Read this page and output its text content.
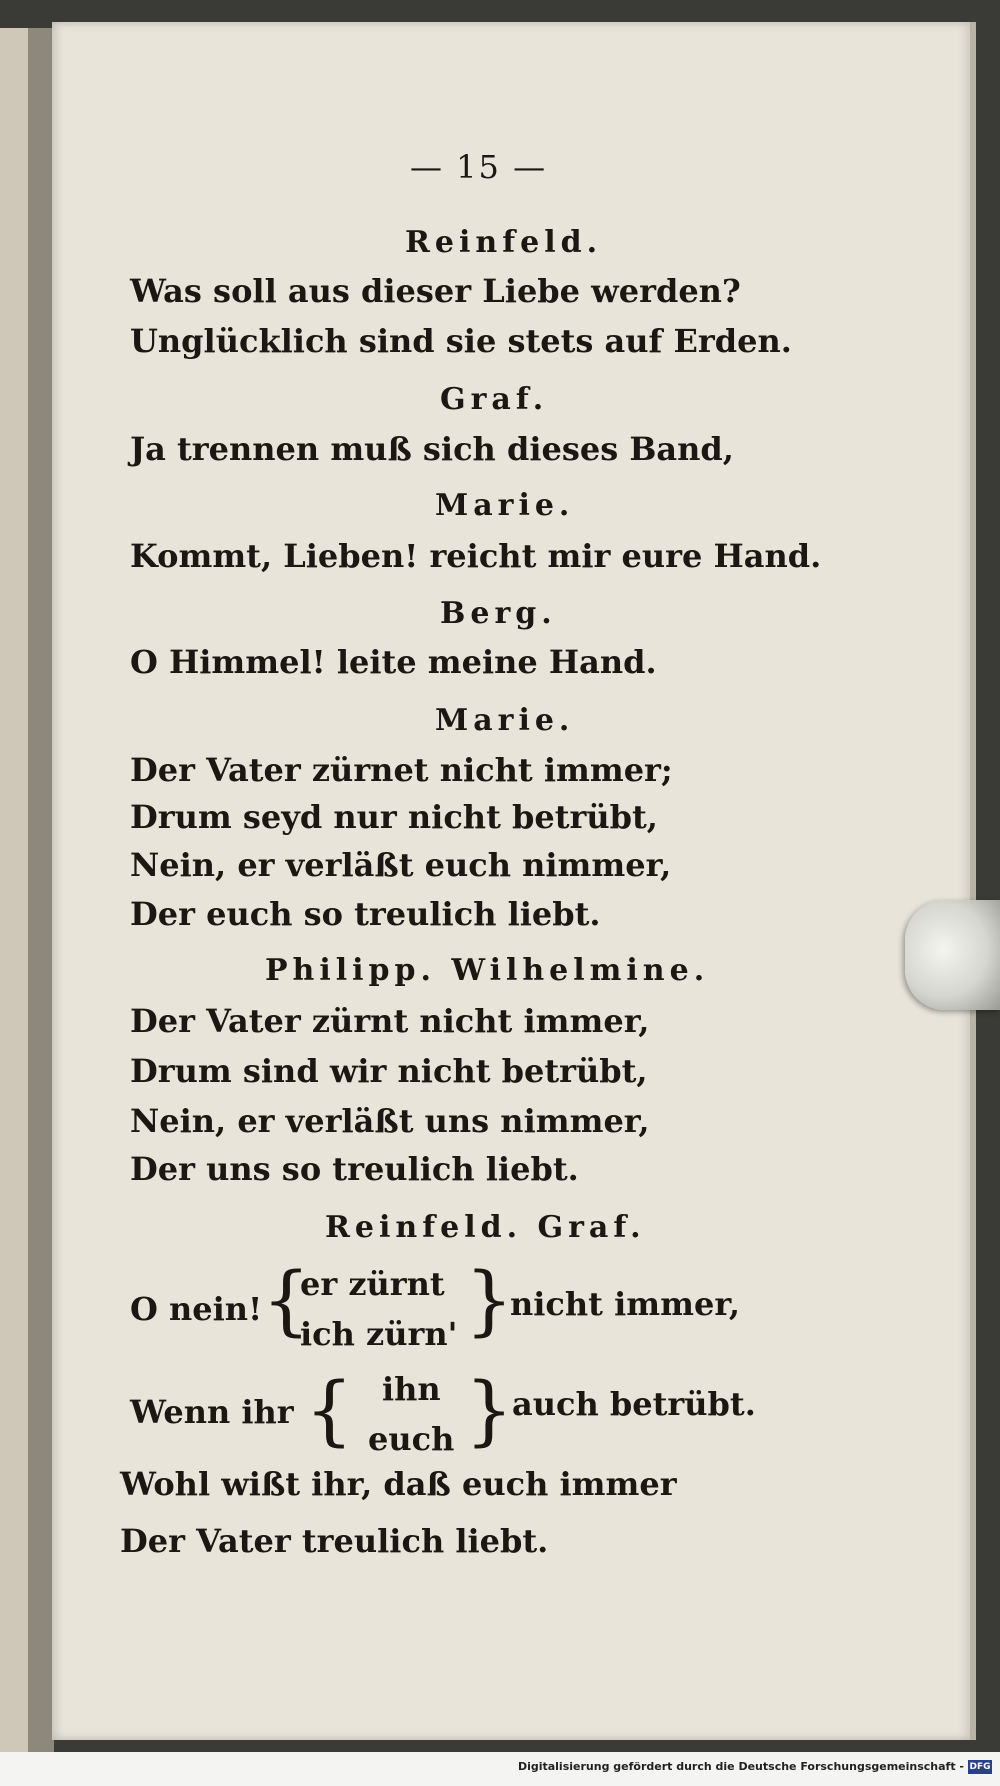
— 15 —
Reinfeld.
Was soll aus dieser Liebe werden?
Unglücklich sind sie stets auf Erden.
Graf.
Ja trennen muß sich dieses Band,
Marie.
Kommt, Lieben! reicht mir eure Hand.
Berg.
O Himmel! leite meine Hand.
Marie.
Der Vater zürnet nicht immer;
Drum seyd nur nicht betrübt,
Nein, er verläßt euch nimmer,
Der euch so treulich liebt.
Philipp. Wilhelmine.
Der Vater zürnt nicht immer,
Drum sind wir nicht betrübt,
Nein, er verläßt uns nimmer,
Der uns so treulich liebt.
Reinfeld. Graf.
O nein! {
er zürnt
ich zürn' }
nicht immer,
Wenn ihr { ihn
euch }
auch betrübt.
Wohl wißt ihr, daß euch immer
Der Vater treulich liebt.
Digitalisierung gefördert durch die Deutsche Forschungsgemeinschaft - DFG
